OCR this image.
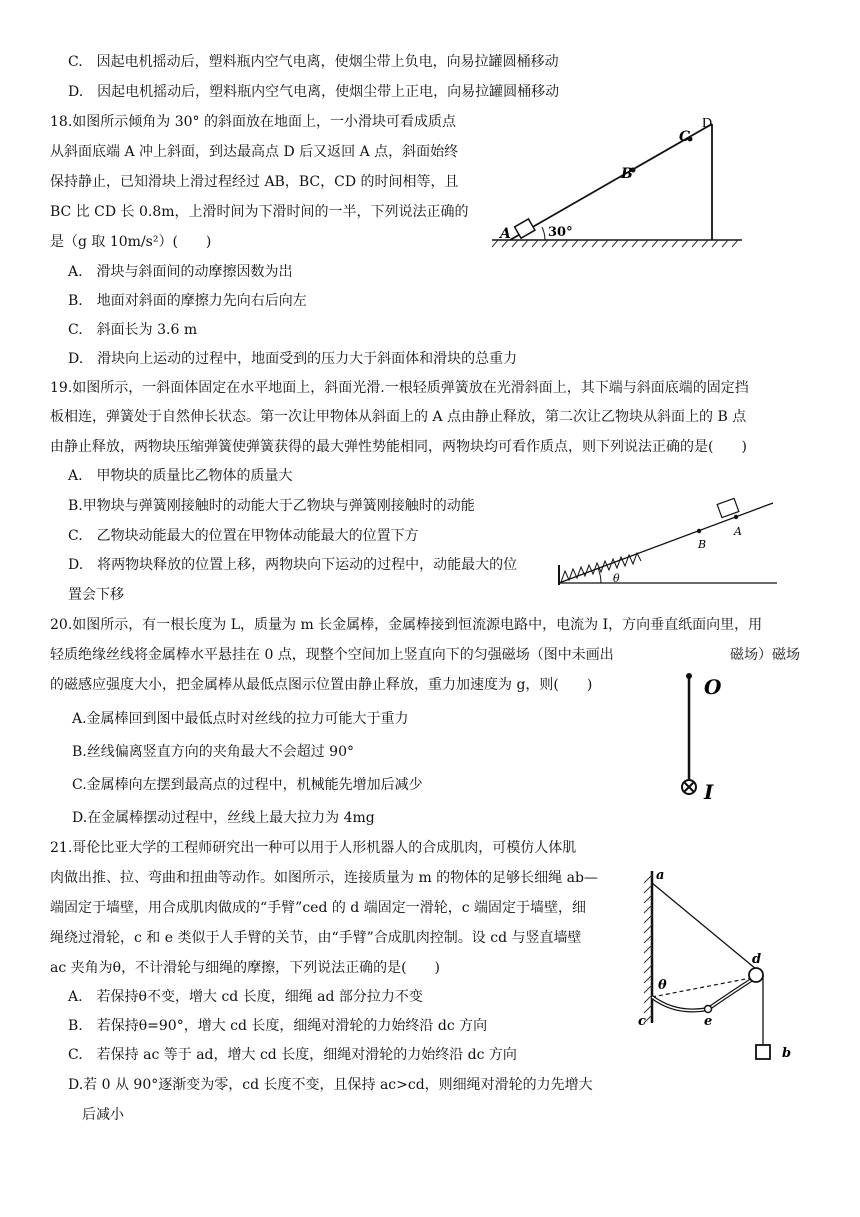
C.　因起电机摇动后，塑料瓶内空气电离，使烟尘带上负电，向易拉罐圆桶移动
D.　因起电机摇动后，塑料瓶内空气电离，使烟尘带上正电，向易拉罐圆桶移动
18.如图所示倾角为 30° 的斜面放在地面上，一小滑块可看成质点
从斜面底端 A 冲上斜面，到达最高点 D 后又返回 A 点，斜面始终
保持静止，已知滑块上滑过程经过 AB，BC，CD 的时间相等，且
BC 比 CD 长 0.8m，上滑时间为下滑时间的一半，下列说法正确的
是（g 取 10m/s²）(　　)
A.　滑块与斜面间的动摩擦因数为岀
B.　地面对斜面的摩擦力先向右后向左
C.　斜面长为 3.6 m
D.　滑块向上运动的过程中，地面受到的压力大于斜面体和滑块的总重力
A
B
C
D
30°
19.如图所示，一斜面体固定在水平地面上，斜面光滑.一根轻质弹簧放在光滑斜面上，其下端与斜面底端的固定挡
板相连，弹簧处于自然伸长状态。第一次让甲物体从斜面上的 A 点由静止释放，第二次让乙物块从斜面上的 B 点
由静止释放，两物块压缩弹簧使弹簧获得的最大弹性势能相同，两物块均可看作质点，则下列说法正确的是(　　)
A.　甲物块的质量比乙物体的质量大
B.甲物块与弹簧刚接触时的动能大于乙物块与弹簧刚接触时的动能
C.　乙物块动能最大的位置在甲物体动能最大的位置下方
D.　将两物块释放的位置上移，两物块向下运动的过程中，动能最大的位
置会下移
θ
B
A
20.如图所示，有一根长度为 L，质量为 m 长金属棒，金属棒接到恒流源电路中，电流为 I，方向垂直纸面向里，用
轻质绝缘丝线将金属棒水平悬挂在 0 点，现整个空间加上竖直向下的匀强磁场（图中未画出	磁场）磁场
的磁感应强度大小，把金属棒从最低点图示位置由静止释放，重力加速度为 g，则(　　)
A.金属棒回到图中最低点时对丝线的拉力可能大于重力
B.丝线偏离竖直方向的夹角最大不会超过 90°
C.金属棒向左摆到最高点的过程中，机械能先增加后减少
D.在金属棒摆动过程中，丝线上最大拉力为 4mg
O
I
21.哥伦比亚大学的工程师研究出一种可以用于人形机器人的合成肌肉，可模仿人体肌
肉做出推、拉、弯曲和扭曲等动作。如图所示，连接质量为 m 的物体的足够长细绳 ab—
端固定于墙壁，用合成肌肉做成的“手臂”ced 的 d 端固定一滑轮，c 端固定于墙壁，细
绳绕过滑轮，c 和 e 类似于人手臂的关节，由“手臂”合成肌肉控制。设 cd 与竖直墙壁
ac 夹角为θ，不计滑轮与细绳的摩擦，下列说法正确的是(　　)
A.　若保持θ不变，增大 cd 长度，细绳 ad 部分拉力不变
B.　若保持θ=90°，增大 cd 长度，细绳对滑轮的力始终沿 dc 方向
C.　若保持 ac 等于 ad，增大 cd 长度，细绳对滑轮的力始终沿 dc 方向
D.若 0 从 90°逐渐变为零，cd 长度不变，且保持 ac>cd，则细绳对滑轮的力先增大
后减小
a
b
c
d
e
θ
